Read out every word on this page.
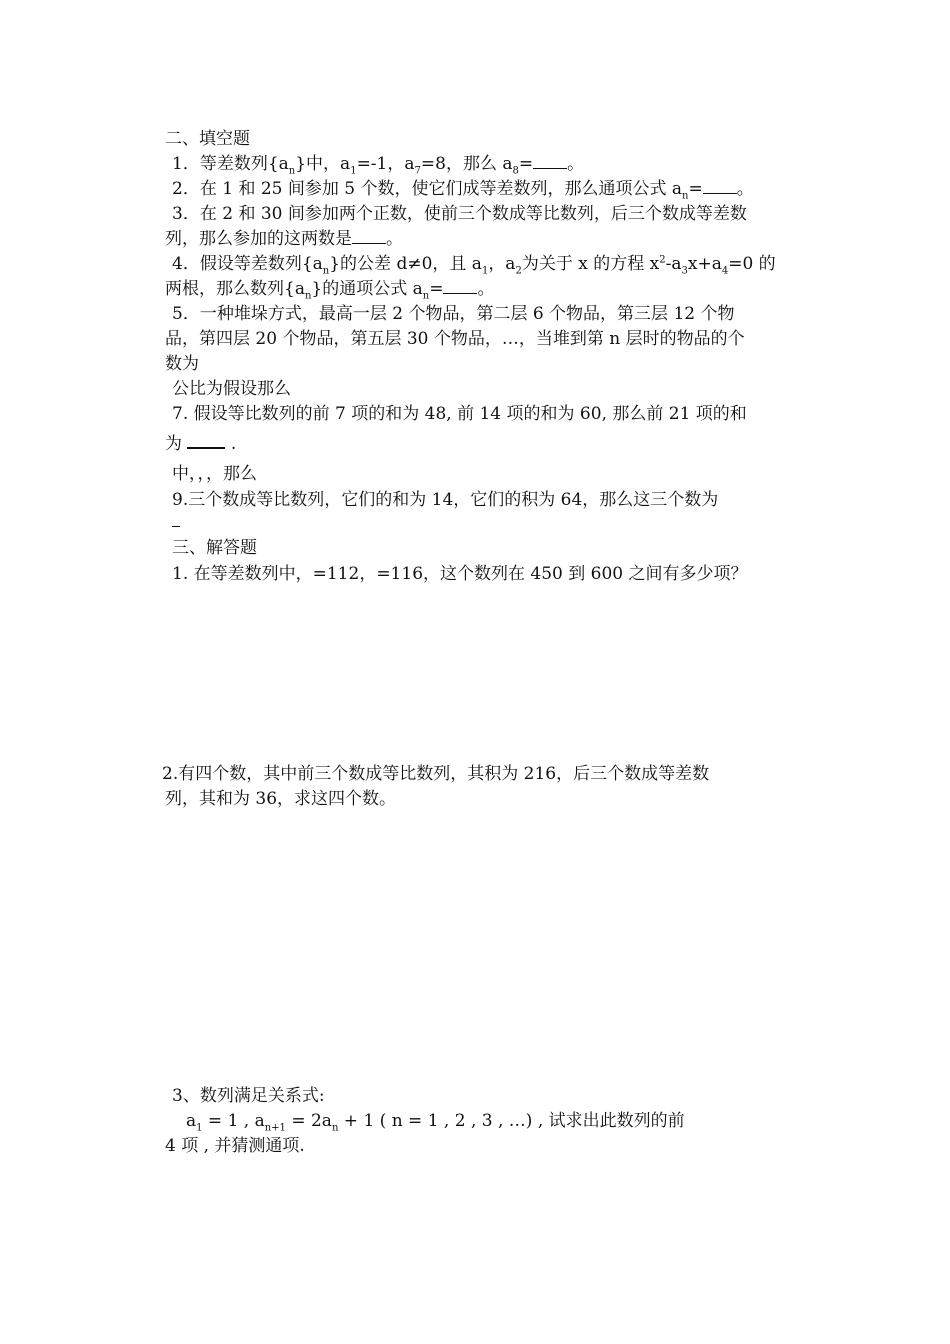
二、填空题
1．等差数列$\{a_n\}$中，$a_1=-1$，$a_7=8$，那么 $a_8=$ 。
2．在 1 和 25 间参加 5 个数，使它们成等差数列，那么通项公式 $a_n=$ 。
3．在 2 和 30 间参加两个正数，使前三个数成等比数列，后三个数成等差数
列，那么参加的这两数是 。
4．假设等差数列$\{a_n\}$的公差 d≠0，且 $a_1$，$a_2$为关于 x 的方程 $x^2-a_3x+a_4=0$ 的
两根，那么数列$\{a_n\}$的通项公式 $a_n=$ 。
5．一种堆垛方式，最高一层 2 个物品，第二层 6 个物品，第三层 12 个物
品，第四层 20 个物品，第五层 30 个物品，…，当堆到第 n 层时的物品的个
数为
公比为假设那么
7. 假设等比数列的前 7 项的和为 48, 前 14 项的和为 60, 那么前 21 项的和
为	.
中，，，那么
9.三个数成等比数列，它们的和为 14，它们的积为 64，那么这三个数为
三、解答题
1. 在等差数列中，=112，=116，这个数列在 450 到 600 之间有多少项？
2.有四个数，其中前三个数成等比数列，其积为 216，后三个数成等差数
列，其和为 36，求这四个数。
3、数列满足关系式:
$a_1 = 1$ , $a_{n+1} = 2a_n + 1$ ( n = 1 , 2 , 3 , …) , 试求出此数列的前
4 项 , 并猜测通项.
